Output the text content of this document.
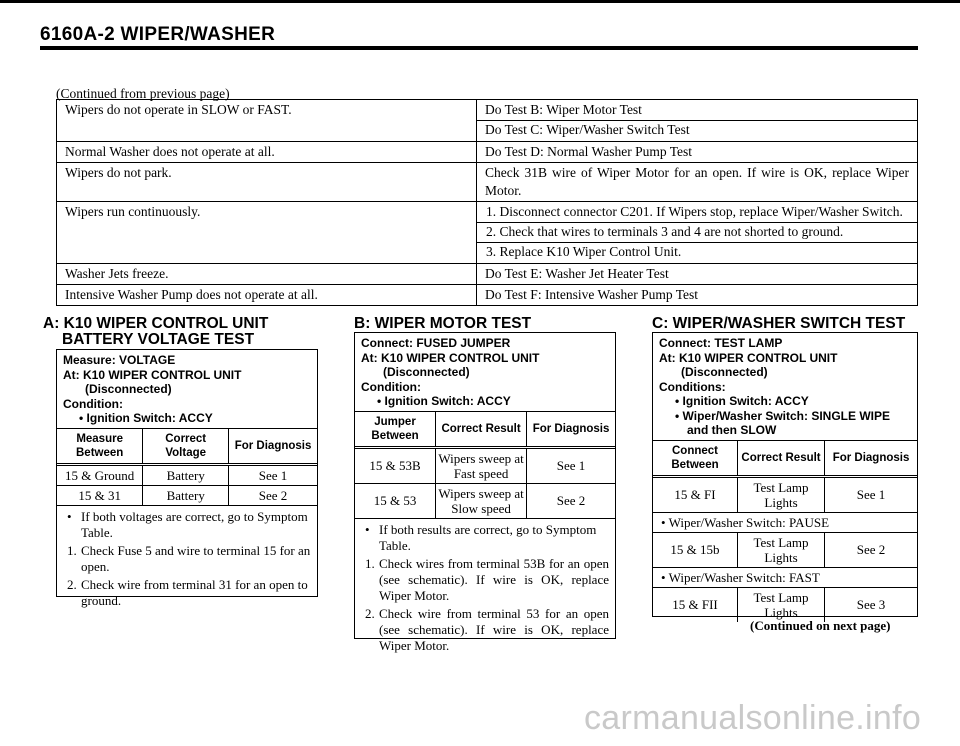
6160A-2 WIPER/WASHER
(Continued from previous page)
Wipers do not operate in SLOW or FAST.	Do Test B: Wiper Motor Test
Do Test C: Wiper/Washer Switch Test

Normal Washer does not operate at all.	Do Test D: Normal Washer Pump Test

Wipers do not park.	Check 31B wire of Wiper Motor for an open. If wire is OK, replace Wiper Motor.

Wipers run continuously.	1. Disconnect connector C201. If Wipers stop, replace Wiper/Washer Switch.
2. Check that wires to terminals 3 and 4 are not shorted to ground.
3. Replace K10 Wiper Control Unit.

Washer Jets freeze.	Do Test E: Washer Jet Heater Test

Intensive Washer Pump does not operate at all.	Do Test F: Intensive Washer Pump Test
A: K10 WIPER CONTROL UNIT
BATTERY VOLTAGE TEST
Measure: VOLTAGE
At: K10 WIPER CONTROL UNIT
(Disconnected)
Condition:
• Ignition Switch: ACCY
Measure Between	Correct Voltage	For Diagnosis
15 & Ground	Battery	See 1
15 & 31	Battery	See 2
• If both voltages are correct, go to Symptom Table.
1. Check Fuse 5 and wire to terminal 15 for an open.
2. Check wire from terminal 31 for an open to ground.
B: WIPER MOTOR TEST
Connect: FUSED JUMPER
At: K10 WIPER CONTROL UNIT
(Disconnected)
Condition:
• Ignition Switch: ACCY
Jumper Between	Correct Result	For Diagnosis
15 & 53B	Wipers sweep at Fast speed	See 1
15 & 53	Wipers sweep at Slow speed	See 2
• If both results are correct, go to Symptom Table.
1. Check wires from terminal 53B for an open (see schematic). If wire is OK, replace Wiper Motor.
2. Check wire from terminal 53 for an open (see schematic). If wire is OK, replace Wiper Motor.
C: WIPER/WASHER SWITCH TEST
Connect: TEST LAMP
At: K10 WIPER CONTROL UNIT
(Disconnected)
Conditions:
• Ignition Switch: ACCY
• Wiper/Washer Switch: SINGLE WIPE
and then SLOW
Connect Between	Correct Result	For Diagnosis
15 & FI	Test Lamp Lights	See 1
• Wiper/Washer Switch: PAUSE
15 & 15b	Test Lamp Lights	See 2
• Wiper/Washer Switch: FAST
15 & FII	Test Lamp Lights	See 3
(Continued on next page)
carmanualsonline.info
